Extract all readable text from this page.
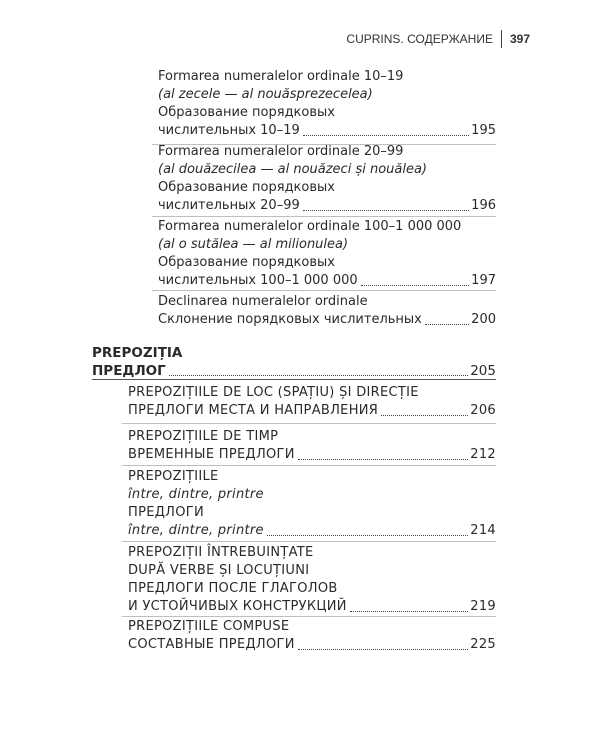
CUPRINS.
СОДЕРЖАНИЕ 397
Formarea numeralelor ordinale 10–19
(al zecele — al nouăsprezecelea)
Образование порядковых
числительных 10–19	195
Formarea numeralelor ordinale 20–99
(al douăzecilea — al nouăzeci și nouălea)
Образование порядковых
числительных 20–99	196
Formarea numeralelor ordinale 100–1 000 000
(al o sutălea — al milionulea)
Образование порядковых
числительных 100–1 000 000	197
Declinarea numeralelor ordinale
Склонение порядковых числительных	200
PREPOZIȚIA
ПРЕДЛОГ	205
PREPOZIȚIILE DE LOC (SPAȚIU) ȘI DIRECȚIE
ПРЕДЛОГИ МЕСТА И НАПРАВЛЕНИЯ	206
PREPOZIȚIILE DE TIMP
ВРЕМЕННЫЕ ПРЕДЛОГИ	212
PREPOZIȚIILE
între, dintre, printre
ПРЕДЛОГИ
între, dintre, printre	214
PREPOZIȚII ÎNTREBUINȚATE
DUPĂ VERBE ȘI LOCUȚIUNI
ПРЕДЛОГИ ПОСЛЕ ГЛАГОЛОВ
И УСТОЙЧИВЫХ КОНСТРУКЦИЙ	219
PREPOZIȚIILE COMPUSE
СОСТАВНЫЕ ПРЕДЛОГИ	225
